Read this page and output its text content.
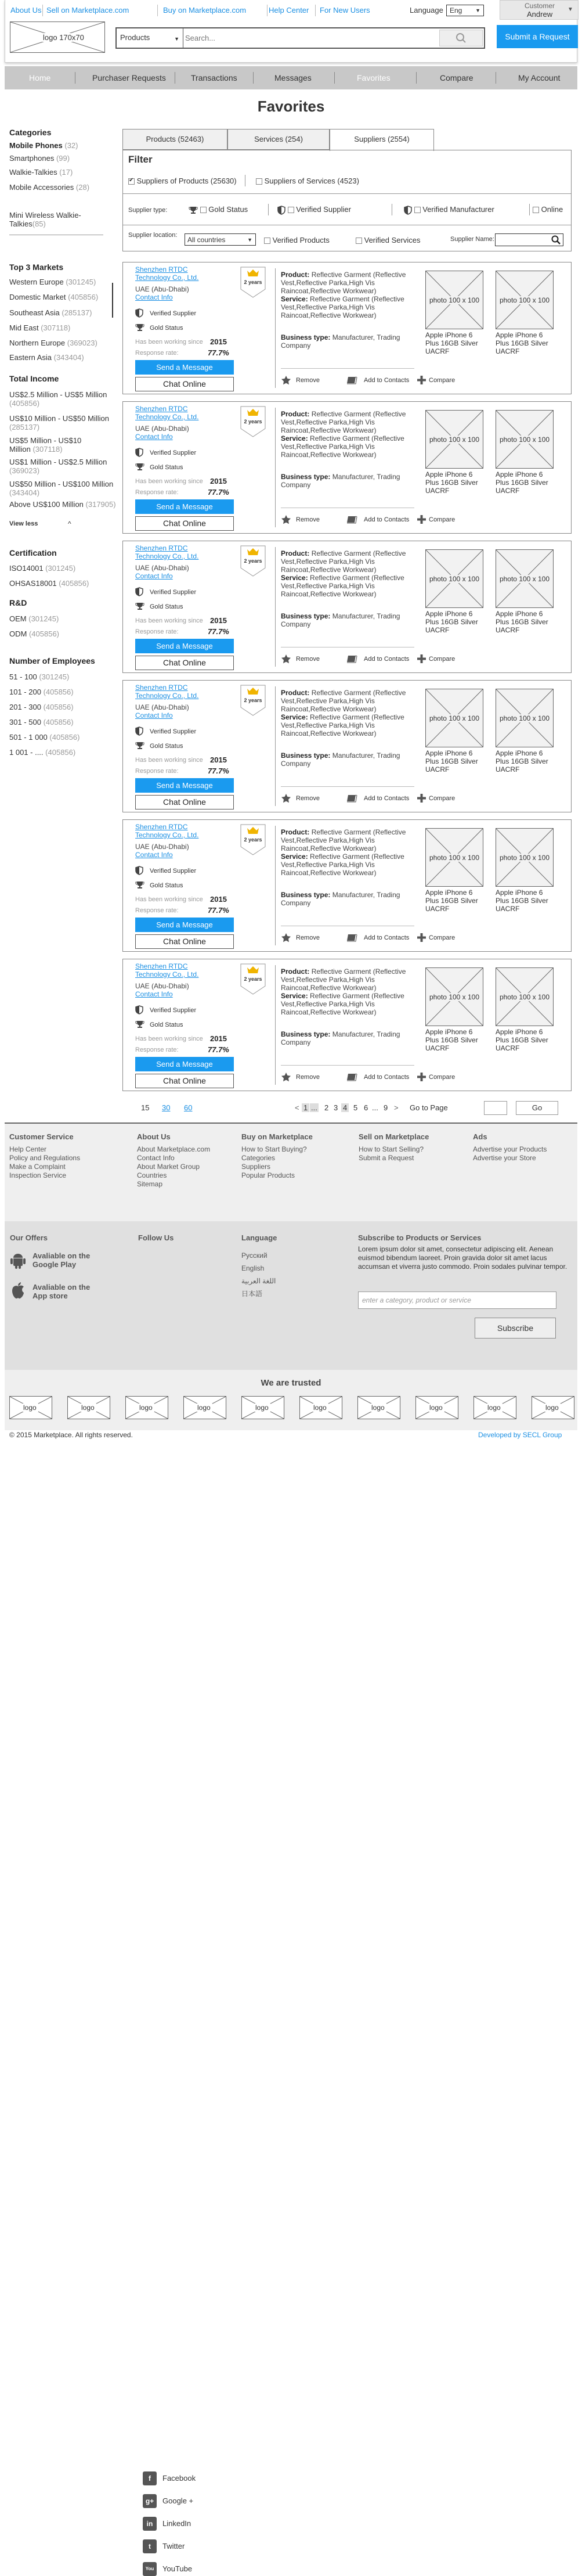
About Us Sell on Marketplace.com	Buy on Marketplace.com	Help Center For New Users	Language Eng	▼
Customer
Andrew
▼
logo 170x70	Products	▼
Search...	Submit a Request
Home	Purchaser Requests	Transactions	Messages	Favorites	Compare	My Account
Favorites
Categories
Mobile Phones (32)
Smartphones (99)
Walkie-Talkies (17)
Mobile Accessories (28)
Mini Wireless Walkie-Talkies(85)
Top 3 Markets
Western Europe (301245)
Domestic Market (405856)
Southeast Asia (285137)
Mid East (307118)
Northern Europe (369023)
Eastern Asia (343404)
Total Income
US$2.5 Million - US$5 Million (405856)
US$10 Million - US$50 Million (285137)
US$5 Million - US$10 Million (307118)
US$1 Million - US$2.5 Million (369023)
US$50 Million - US$100 Million (343404)
Above US$100 Million (317905)
View less	^
Certification
ISO14001 (301245)
OHSAS18001 (405856)
R&D
OEM (301245)
ODM (405856)
Number of Employees
51 - 100 (301245)
101 - 200 (405856)
201 - 300 (405856)
301 - 500 (405856)
501 - 1 000 (405856)
1 001 - .... (405856)
Products (52463)	Services (254)	Suppliers (2554)
Filter
✔ Suppliers of Products (25630)	Suppliers of Services (4523)
Supplier type:	Gold Status	Verified Supplier	Verified Manufacturer	Online
Supplier location:
All countries	▼	Verified Products	Verified Services	Supplier Name:
Shenzhen RTDC Technology Co., Ltd.
UAE (Abu-Dhabi)
Contact Info
2 years
Verified Supplier
Gold Status
Has been working since 2015
Response rate:	77.7%
Send a Message
Chat Online
Product: Reflective Garment (Reflective Vest,Reflective Parka,High Vis Raincoat,Reflective Workwear)
Service: Reflective Garment (Reflective Vest,Reflective Parka,High Vis Raincoat,Reflective Workwear)
Business type: Manufacturer, Trading Company
Remove	Add to Contacts	Compare
photo 100 x 100
Apple iPhone 6 Plus 16GB Silver UACRF
photo 100 x 100
Apple iPhone 6 Plus 16GB Silver UACRF
Shenzhen RTDC Technology Co., Ltd.
UAE (Abu-Dhabi)
Contact Info
2 years
Verified Supplier
Gold Status
Has been working since 2015
Response rate:	77.7%
Send a Message
Chat Online
Product: Reflective Garment (Reflective Vest,Reflective Parka,High Vis Raincoat,Reflective Workwear)
Service: Reflective Garment (Reflective Vest,Reflective Parka,High Vis Raincoat,Reflective Workwear)
Business type: Manufacturer, Trading Company
Remove	Add to Contacts	Compare
photo 100 x 100
Apple iPhone 6 Plus 16GB Silver UACRF
photo 100 x 100
Apple iPhone 6 Plus 16GB Silver UACRF
Shenzhen RTDC Technology Co., Ltd.
UAE (Abu-Dhabi)
Contact Info
2 years
Verified Supplier
Gold Status
Has been working since 2015
Response rate:	77.7%
Send a Message
Chat Online
Product: Reflective Garment (Reflective Vest,Reflective Parka,High Vis Raincoat,Reflective Workwear)
Service: Reflective Garment (Reflective Vest,Reflective Parka,High Vis Raincoat,Reflective Workwear)
Business type: Manufacturer, Trading Company
Remove	Add to Contacts	Compare
photo 100 x 100
Apple iPhone 6 Plus 16GB Silver UACRF
photo 100 x 100
Apple iPhone 6 Plus 16GB Silver UACRF
Shenzhen RTDC Technology Co., Ltd.
UAE (Abu-Dhabi)
Contact Info
2 years
Verified Supplier
Gold Status
Has been working since 2015
Response rate:	77.7%
Send a Message
Chat Online
Product: Reflective Garment (Reflective Vest,Reflective Parka,High Vis Raincoat,Reflective Workwear)
Service: Reflective Garment (Reflective Vest,Reflective Parka,High Vis Raincoat,Reflective Workwear)
Business type: Manufacturer, Trading Company
Remove	Add to Contacts	Compare
photo 100 x 100
Apple iPhone 6 Plus 16GB Silver UACRF
photo 100 x 100
Apple iPhone 6 Plus 16GB Silver UACRF
Shenzhen RTDC Technology Co., Ltd.
UAE (Abu-Dhabi)
Contact Info
2 years
Verified Supplier
Gold Status
Has been working since 2015
Response rate:	77.7%
Send a Message
Chat Online
Product: Reflective Garment (Reflective Vest,Reflective Parka,High Vis Raincoat,Reflective Workwear)
Service: Reflective Garment (Reflective Vest,Reflective Parka,High Vis Raincoat,Reflective Workwear)
Business type: Manufacturer, Trading Company
Remove	Add to Contacts	Compare
photo 100 x 100
Apple iPhone 6 Plus 16GB Silver UACRF
photo 100 x 100
Apple iPhone 6 Plus 16GB Silver UACRF
Shenzhen RTDC Technology Co., Ltd.
UAE (Abu-Dhabi)
Contact Info
2 years
Verified Supplier
Gold Status
Has been working since 2015
Response rate:	77.7%
Send a Message
Chat Online
Product: Reflective Garment (Reflective Vest,Reflective Parka,High Vis Raincoat,Reflective Workwear)
Service: Reflective Garment (Reflective Vest,Reflective Parka,High Vis Raincoat,Reflective Workwear)
Business type: Manufacturer, Trading Company
Remove	Add to Contacts	Compare
photo 100 x 100
Apple iPhone 6 Plus 16GB Silver UACRF
photo 100 x 100
Apple iPhone 6 Plus 16GB Silver UACRF
15 30 60	< 1 ... 2 3 4 5 6 ... 9 > Go to Page	Go
Customer Service
Help Center
Policy and Regulations
Make a Complaint
Inspection Service
About Us
About Marketplace.com
Contact Info
About Market Group
Countries
Sitemap
Buy on Marketplace
How to Start Buying?
Categories
Suppliers
Popular Products
Sell on Marketplace
How to Start Selling?
Submit a Request
Ads
Advertise your Products
Advertise your Store
Our Offers
Avaliable on the Google Play
Avaliable on the App store
Follow Us
f	Facebook
g+	Google +
in	LinkedIn
t	Twitter
You	YouTube
Language
Русский
English
اللغة العربية
日本語
Subscribe to Products or Services
Lorem ipsum dolor sit amet, consectetur adipiscing elit. Aenean euismod bibendum laoreet. Proin gravida dolor sit amet lacus accumsan et viverra justo commodo. Proin sodales pulvinar tempor.
enter a category, product or service
Subscribe
We are trusted
logo	logo	logo	logo	logo	logo	logo	logo	logo	logo
© 2015 Marketplace. All rights reserved.	Developed by SECL Group
